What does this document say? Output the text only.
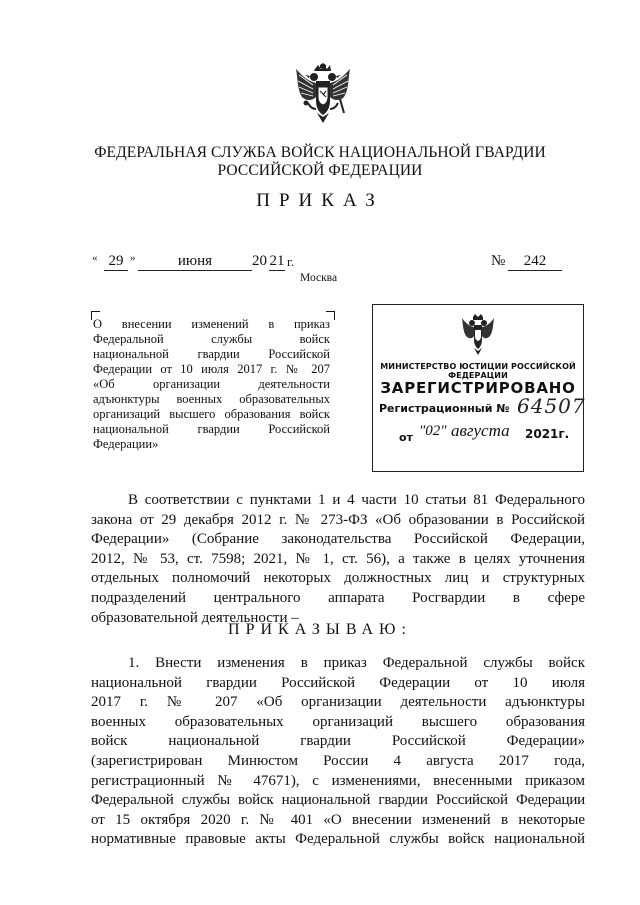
ФЕДЕРАЛЬНАЯ СЛУЖБА ВОЙСК НАЦИОНАЛЬНОЙ ГВАРДИИ
РОССИЙСКОЙ ФЕДЕРАЦИИ
ПРИКАЗ
« 29 »	июня	20 21 г.	№	242
Москва
О внесении изменений в приказ
Федеральной службы войск
национальной гвардии Российской
Федерации от 10 июля 2017 г. № 207
«Об организации деятельности
адъюнктуры военных образовательных
организаций высшего образования войск
национальной гвардии Российской
Федерации»
МИНИСТЕРСТВО ЮСТИЦИИ РОССИЙСКОЙ ФЕДЕРАЦИИ
ЗАРЕГИСТРИРОВАНО
Регистрационный № 64507
от "02" августа 2021г.
В соответствии с пунктами 1 и 4 части 10 статьи 81 Федерального
закона от 29 декабря 2012 г. № 273-ФЗ «Об образовании в Российской
Федерации» (Собрание законодательства Российской Федерации,
2012, № 53, ст. 7598; 2021, № 1, ст. 56), а также в целях уточнения
отдельных полномочий некоторых должностных лиц и структурных
подразделений центрального аппарата Росгвардии в сфере
образовательной деятельности –
ПРИКАЗЫВАЮ:
1. Внести изменения в приказ Федеральной службы войск
национальной гвардии Российской Федерации от 10 июля
2017 г. № 207 «Об организации деятельности адъюнктуры
военных образовательных организаций высшего образования
войск национальной гвардии Российской Федерации»
(зарегистрирован Минюстом России 4 августа 2017 года,
регистрационный № 47671), с изменениями, внесенными приказом
Федеральной службы войск национальной гвардии Российской Федерации
от 15 октября 2020 г. № 401 «О внесении изменений в некоторые
нормативные правовые акты Федеральной службы войск национальной
